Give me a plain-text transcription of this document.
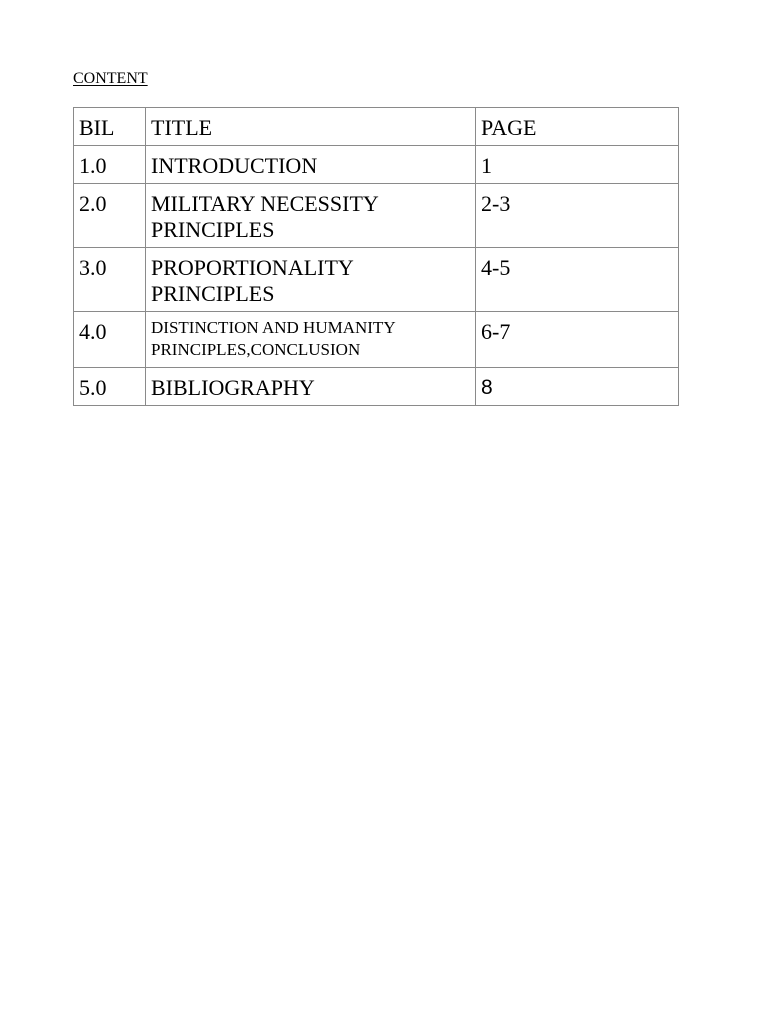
CONTENT
BIL	TITLE	PAGE
1.0	INTRODUCTION	1
2.0	MILITARY NECESSITY PRINCIPLES	2-3
3.0	PROPORTIONALITY PRINCIPLES	4-5
4.0	DISTINCTION AND HUMANITY PRINCIPLES,CONCLUSION	6-7
5.0	BIBLIOGRAPHY	8
